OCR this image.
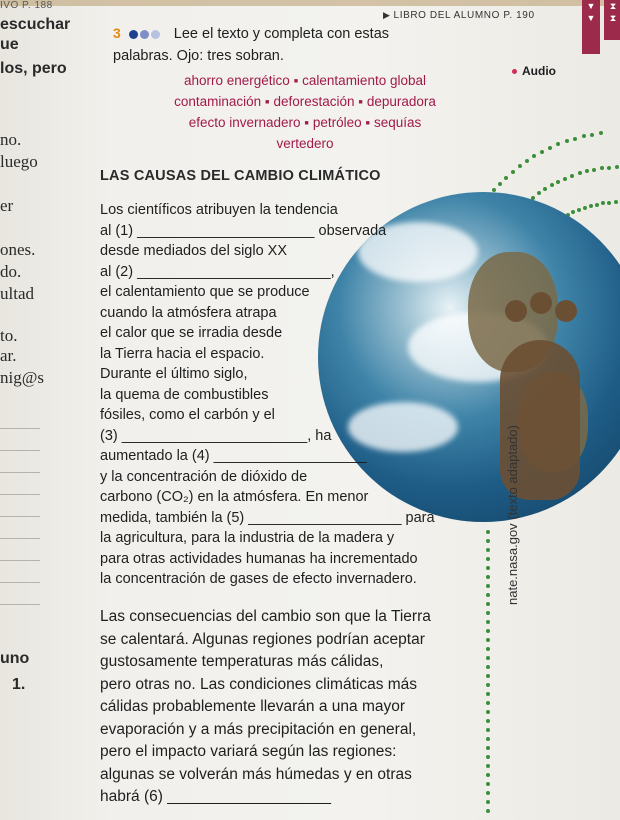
IVO P. 188
▶ LIBRO DEL ALUMNO P. 190
▼
▼
⧗
⧗
escuchar
ue
los, pero
no.
luego
er
ones.
do.
ultad
to.
ar.
nig@s
uno
1.
3	Lee el texto y completa con estas
palabras. Ojo: tres sobran.
Audio
ahorro energético ▪ calentamiento global
contaminación ▪ deforestación ▪ depuradora
efecto invernadero ▪ petróleo ▪ sequías
vertedero
LAS CAUSAS DEL CAMBIO CLIMÁTICO
Los científicos atribuyen la tendencia
al (1) ______________________ observada
desde mediados del siglo XX
al (2) ________________________,
el calentamiento que se produce
cuando la atmósfera atrapa
el calor que se irradia desde
la Tierra hacia el espacio.
Durante el último siglo,
la quema de combustibles
fósiles, como el carbón y el
(3) _______________________, ha
aumentado la (4) ___________________
y la concentración de dióxido de
carbono (CO₂) en la atmósfera. En menor
medida, también la (5) ___________________ para
la agricultura, para la industria de la madera y
para otras actividades humanas ha incrementado
la concentración de gases de efecto invernadero.
Las consecuencias del cambio son que la Tierra
se calentará. Algunas regiones podrían aceptar
gustosamente temperaturas más cálidas,
pero otras no. Las condiciones climáticas más
cálidas probablemente llevarán a una mayor
evaporación y a más precipitación en general,
pero el impacto variará según las regiones:
algunas se volverán más húmedas y en otras
habrá (6) ___________________
nate.nasa.gov (texto adaptado)
